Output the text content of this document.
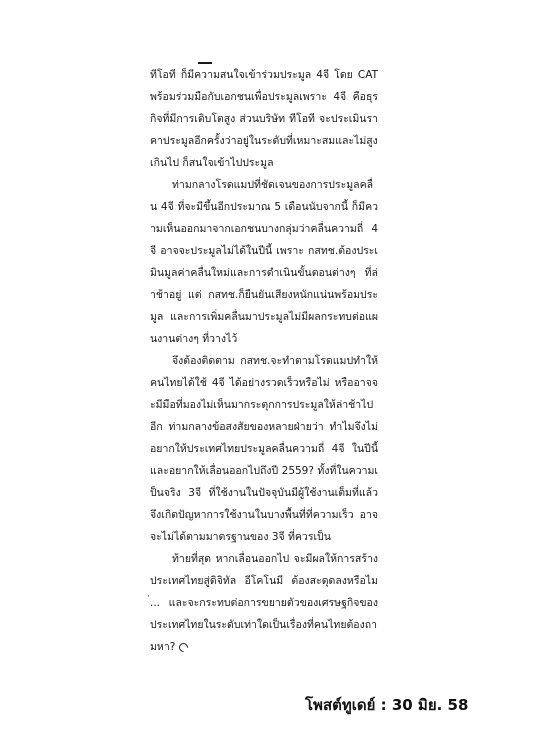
ทีโอที ก็มีความสนใจเข้าร่วมประมูล 4จี โดย CAT พร้อมร่วมมือกับเอกชนเพื่อประมูลเพราะ 4จี คือธุรกิจที่มีการเติบโตสูง ส่วนบริษัท ทีโอที จะประเมินราคาประมูลอีกครั้งว่าอยู่ในระดับที่เหมาะสมและไม่สูงเกินไป ก็สนใจเข้าไปประมูล

ท่ามกลางโรดแมปที่ชัดเจนของการประมูลคลื่น 4จี ที่จะมีขึ้นอีกประมาณ 5 เดือนนับจากนี้ ก็มีความเห็นออกมาจากเอกชนบางกลุ่มว่าคลื่นความถี่ 4จี อาจจะประมูลไม่ได้ในปีนี้ เพราะ กสทช.ต้องประเมินมูลค่าคลื่นใหม่และการดำเนินขั้นตอนต่างๆ ที่ล่าช้าอยู่ แต่ กสทช.ก็ยืนยันเสียงหนักแน่นพร้อมประมูล และการเพิ่มคลื่นมาประมูลไม่มีผลกระทบต่อแผนงานต่างๆ ที่วางไว้

จึงต้องติดตาม กสทช.จะทำตามโรดแมปทำให้คนไทยได้ใช้ 4จี ได้อย่างรวดเร็วหรือไม่ หรืออาจจะมีมือที่มองไม่เห็นมากระตุกการประมูลให้ล่าช้าไปอีก ท่ามกลางข้อสงสัยของหลายฝ่ายว่า ทำไมจึงไม่อยากให้ประเทศไทยประมูลคลื่นความถี่ 4จี ในปีนี้ และอยากให้เลื่อนออกไปถึงปี 2559? ทั้งที่ในความเป็นจริง 3จี ที่ใช้งานในปัจจุบันมีผู้ใช้งานเต็มที่แล้ว จึงเกิดปัญหาการใช้งานในบางพื้นที่ที่ความเร็ว อาจจะไม่ได้ตามมาตรฐานของ 3จี ที่ควรเป็น

ท้ายที่สุด หากเลื่อนออกไป จะมีผลให้การสร้างประเทศไทยสู่ดิจิทัล อีโคโนมี ต้องสะดุดลงหรือไม่... และจะกระทบต่อการขยายตัวของเศรษฐกิจของประเทศไทยในระดับเท่าใดเป็นเรื่องที่คนไทยต้องถามหา?

โพสต์ทูเดย์ : 30 มิย. 58
